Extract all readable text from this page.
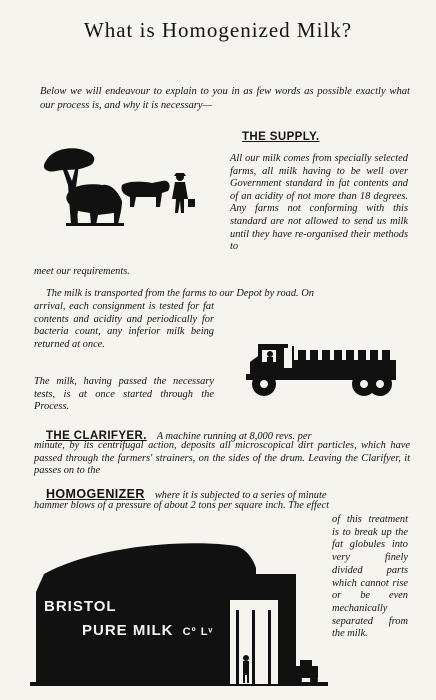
What is Homogenized Milk?
Below we will endeavour to explain to you in as few words as possible exactly what our process is, and why it is necessary—
THE SUPPLY.
All our milk comes from specially selected farms, all milk having to be well over Government standard in fat contents and of an acidity of not more than 18 degrees. Any farms not conforming with this standard are not allowed to send us milk until they have re-organised their methods to
meet our requirements.
The milk is transported from the farms to our Depot by road. On
arrival, each consignment is tested for fat contents and acidity and periodically for bacteria count, any inferior milk being returned at once.
The milk, having passed the necessary tests, is at once started through the Process.
THE CLARIFYER. A machine running at 8,000 revs. per
minute, by its centrifugal action, deposits all microscopical dirt particles, which have passed through the farmers' strainers, on the sides of the drum. Leaving the Clarifyer, it passes on to the
HOMOGENIZER where it is subjected to a series of minute
hammer blows of a pressure of about 2 tons per square inch. The effect
of this treatment is to break up the fat globules into very finely divided parts which cannot rise or be even mechanically separated from the milk.
BRISTOL
PURE MILK Cº Lᵛ
